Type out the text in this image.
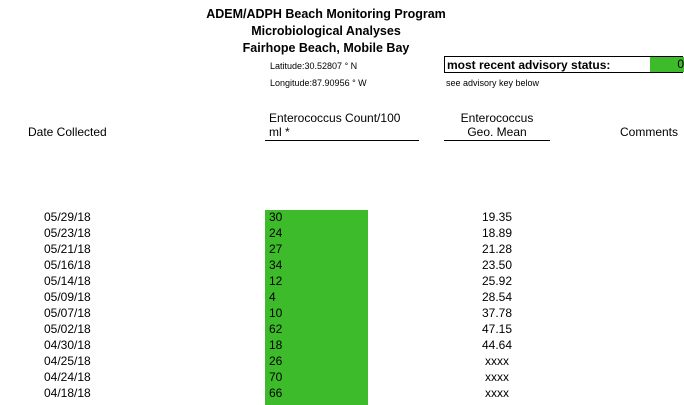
ADEM/ADPH Beach Monitoring Program
Microbiological Analyses
Fairhope Beach, Mobile Bay
Latitude:30.52807 ° N
Longitude:87.90956 ° W
most recent advisory status:	0
see advisory key below
Date Collected
Enterococcus Count/100
ml *
Enterococcus
Geo. Mean	Comments
05/29/18	30	19.35
05/23/18	24	18.89
05/21/18	27	21.28
05/16/18	34	23.50
05/14/18	12	25.92
05/09/18	4	28.54
05/07/18	10	37.78
05/02/18	62	47.15
04/30/18	18	44.64
04/25/18	26	xxxx
04/24/18	70	xxxx
04/18/18	66	xxxx
